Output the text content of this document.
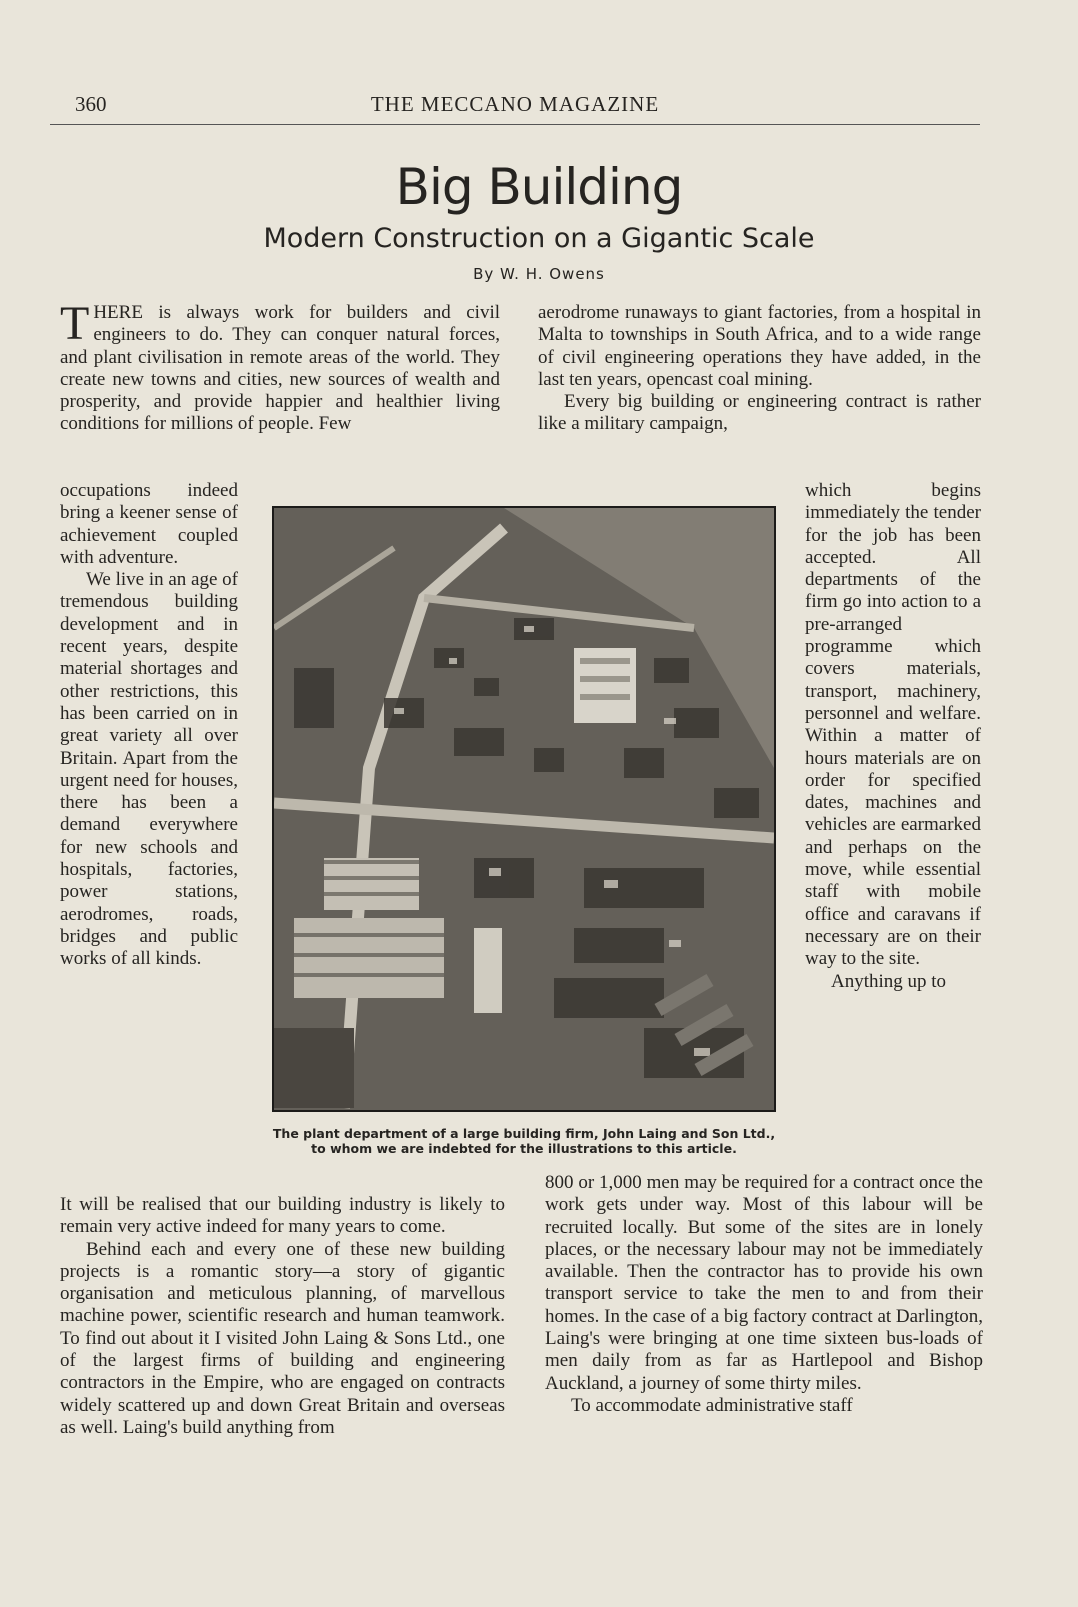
360	THE MECCANO MAGAZINE
Big Building
Modern Construction on a Gigantic Scale
By W. H. Owens

THERE is always work for builders and civil engineers to do. They can conquer natural forces, and plant civilisation in remote areas of the world. They create new towns and cities, new sources of wealth and prosperity, and provide happier and healthier living conditions for millions of people. Few

occupations indeed bring a keener sense of achievement coupled with adventure.

We live in an age of tremendous building development and in recent years, despite material shortages and other restrictions, this has been carried on in great variety all over Britain. Apart from the urgent need for houses, there has been a demand everywhere for new schools and hospitals, factories, power stations, aerodromes, roads, bridges and public works of all kinds.

It will be realised that our building industry is likely to remain very active indeed for many years to come.

Behind each and every one of these new building projects is a romantic story—a story of gigantic organisation and meticulous planning, of marvellous machine power, scientific research and human teamwork. To find out about it I visited John Laing & Sons Ltd., one of the largest firms of building and engineering contractors in the Empire, who are engaged on contracts widely scattered up and down Great Britain and overseas as well. Laing's build anything from

aerodrome runaways to giant factories, from a hospital in Malta to townships in South Africa, and to a wide range of civil engineering operations they have added, in the last ten years, opencast coal mining.

Every big building or engineering contract is rather like a military campaign,

which begins immediately the tender for the job has been accepted. All departments of the firm go into action to a pre-arranged programme which covers materials, transport, machinery, personnel and welfare. Within a matter of hours materials are on order for specified dates, machines and vehicles are earmarked and perhaps on the move, while essential staff with mobile office and caravans if necessary are on their way to the site.

Anything up to

800 or 1,000 men may be required for a contract once the work gets under way. Most of this labour will be recruited locally. But some of the sites are in lonely places, or the necessary labour may not be immediately available. Then the contractor has to provide his own transport service to take the men to and from their homes. In the case of a big factory contract at Darlington, Laing's were bringing at one time sixteen bus-loads of men daily from as far as Hartlepool and Bishop Auckland, a journey of some thirty miles.

To accommodate administrative staff

The plant department of a large building firm, John Laing and Son Ltd., to whom we are indebted for the illustrations to this article.
